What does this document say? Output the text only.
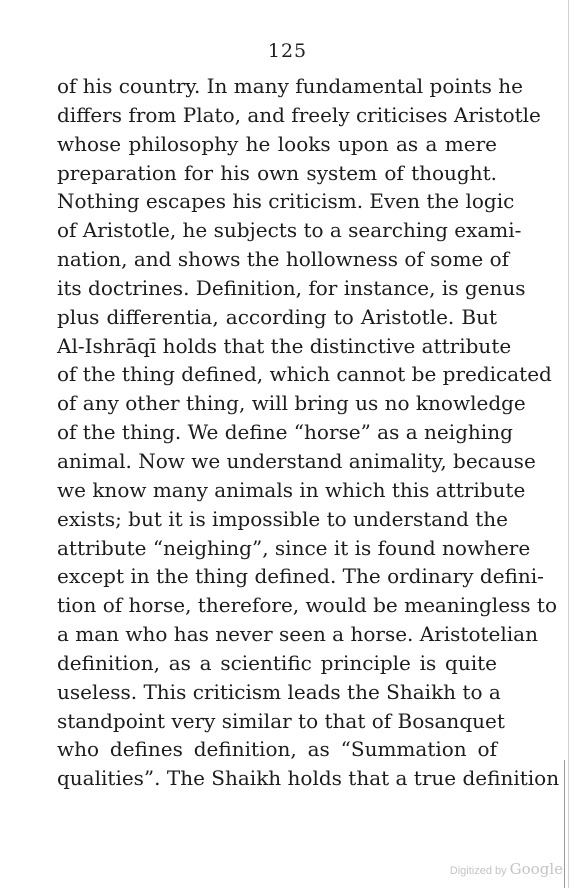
125
of his country. In many fundamental points he
differs from Plato, and freely criticises Aristotle
whose philosophy he looks upon as a mere
preparation for his own system of thought.
Nothing escapes his criticism. Even the logic
of Aristotle, he subjects to a searching exami-
nation, and shows the hollowness of some of
its doctrines. Definition, for instance, is genus
plus differentia, according to Aristotle. But
Al-Ishrāqī holds that the distinctive attribute
of the thing defined, which cannot be predicated
of any other thing, will bring us no knowledge
of the thing. We define “horse” as a neighing
animal. Now we understand animality, because
we know many animals in which this attribute
exists; but it is impossible to understand the
attribute “neighing”, since it is found nowhere
except in the thing defined. The ordinary defini-
tion of horse, therefore, would be meaningless to
a man who has never seen a horse. Aristotelian
definition, as a scientific principle is quite
useless. This criticism leads the Shaikh to a
standpoint very similar to that of Bosanquet
who defines definition, as “Summation of
qualities”. The Shaikh holds that a true definition
Digitized by Google
